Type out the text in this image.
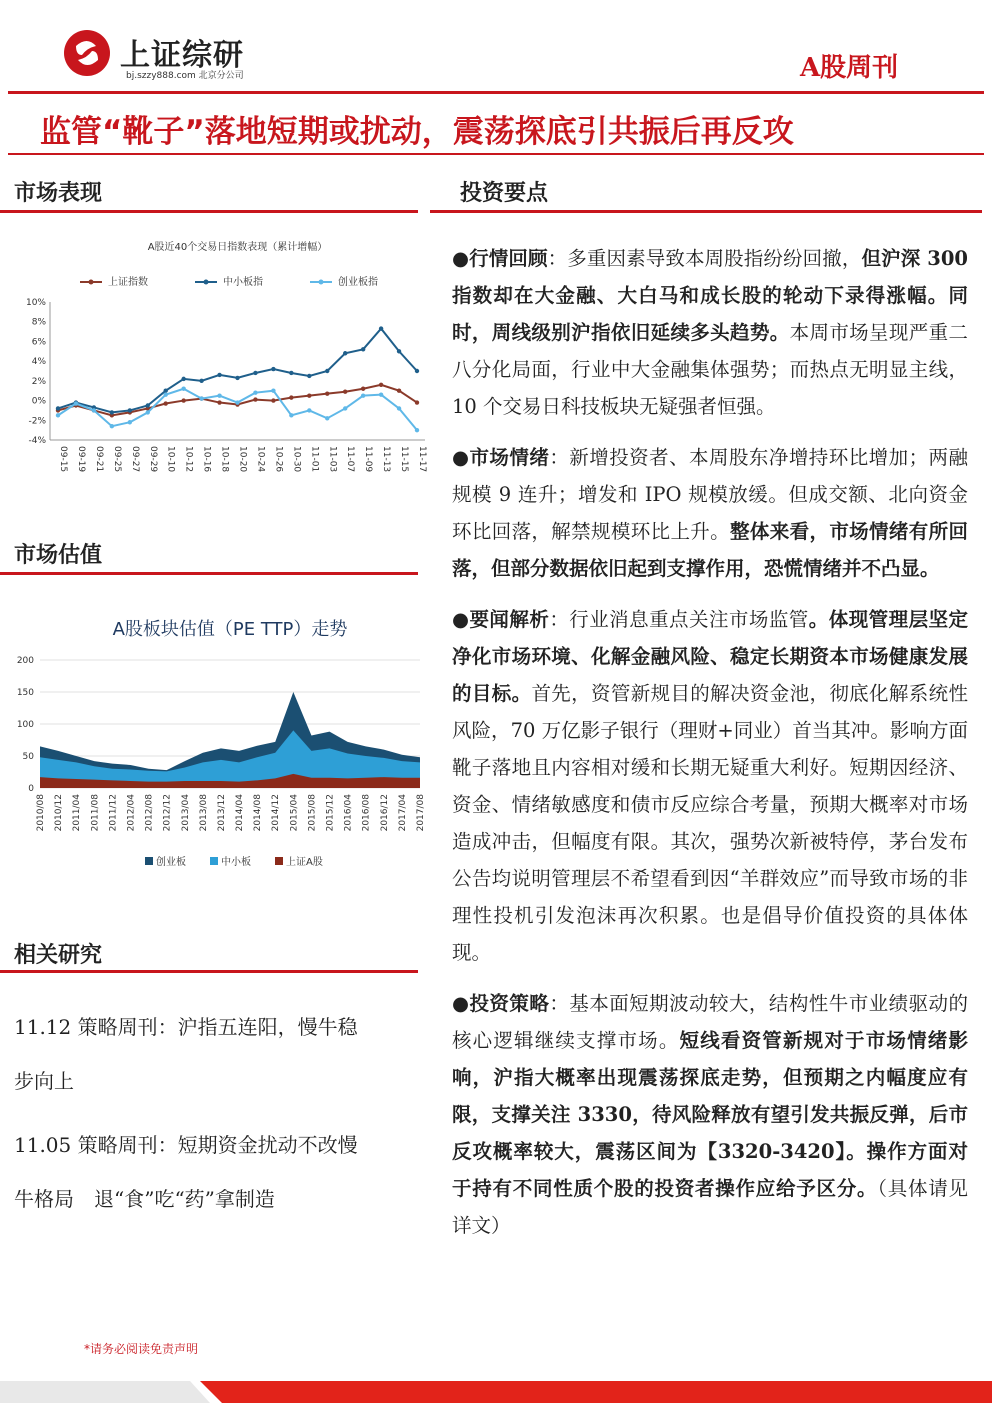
上证综研
bj.szzy888.com 北京分公司	A股周刊
监管“靴子”落地短期或扰动，震荡探底引共振后再反攻
市场表现
A股近40个交易日指数表现（累计增幅）
上证指数	中小板指	创业板指
-4%
-2%
0%
2%
4%
6%
8%
10%
09-15 09-19 09-21 09-25 09-27 09-29 10-10 10-12 10-16 10-18 10-20 10-24 10-26 10-30 11-01 11-03 11-07 11-09 11-13 11-15 11-17
市场估值
A股板块估值（PE TTP）走势
0
50
100
150
200
2010/08 2010/12 2011/04 2011/08 2011/12 2012/04 2012/08 2012/12 2013/04 2013/08 2013/12 2014/04 2014/08 2014/12 2015/04 2015/08 2015/12 2016/04 2016/08 2016/12 2017/04 2017/08
创业板	中小板	上证A股
相关研究
11.12 策略周刊：沪指五连阳，慢牛稳
步向上
11.05 策略周刊：短期资金扰动不改慢
牛格局　退“食”吃“药”拿制造
*请务必阅读免责声明
投资要点

●行情回顾：多重因素导致本周股指纷纷回撤，但沪深 300 指数却在大金融、大白马和成长股的轮动下录得涨幅。同时，周线级别沪指依旧延续多头趋势。本周市场呈现严重二八分化局面，行业中大金融集体强势；而热点无明显主线，10 个交易日科技板块无疑强者恒强。

●市场情绪：新增投资者、本周股东净增持环比增加；两融规模 9 连升；增发和 IPO 规模放缓。但成交额、北向资金环比回落，解禁规模环比上升。整体来看，市场情绪有所回落，但部分数据依旧起到支撑作用，恐慌情绪并不凸显。

●要闻解析：行业消息重点关注市场监管。体现管理层坚定净化市场环境、化解金融风险、稳定长期资本市场健康发展的目标。首先，资管新规目的解决资金池，彻底化解系统性风险，70 万亿影子银行（理财+同业）首当其冲。影响方面靴子落地且内容相对缓和长期无疑重大利好。短期因经济、资金、情绪敏感度和债市反应综合考量，预期大概率对市场造成冲击，但幅度有限。其次，强势次新被特停，茅台发布公告均说明管理层不希望看到因“羊群效应”而导致市场的非理性投机引发泡沫再次积累。也是倡导价值投资的具体体现。

●投资策略：基本面短期波动较大，结构性牛市业绩驱动的核心逻辑继续支撑市场。短线看资管新规对于市场情绪影响，沪指大概率出现震荡探底走势，但预期之内幅度应有限，支撑关注 3330，待风险释放有望引发共振反弹，后市反攻概率较大，震荡区间为【3320-3420】。操作方面对于持有不同性质个股的投资者操作应给予区分。（具体请见详文）
